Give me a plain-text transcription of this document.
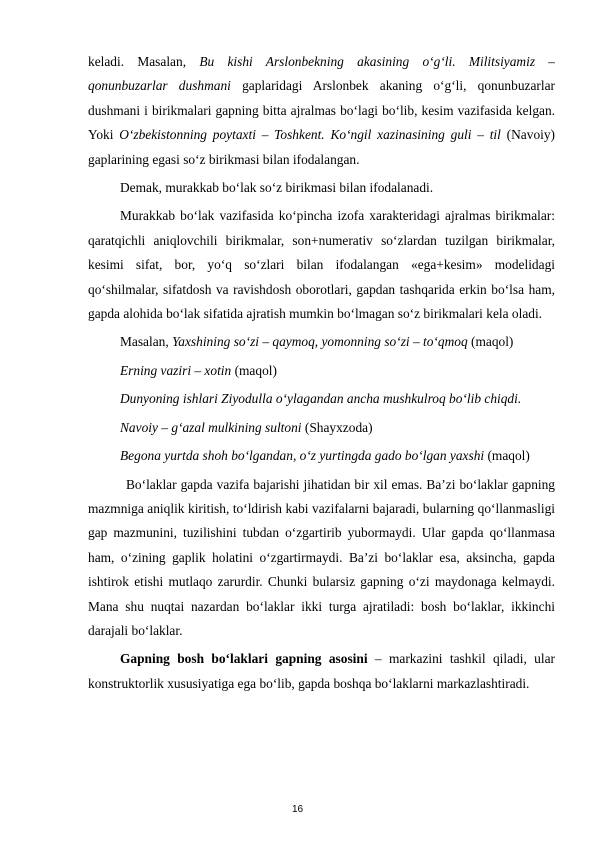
keladi. Masalan, Bu kishi Arslonbekning akasining o‘g‘li. Militsiyamiz – qonunbuzarlar dushmani gaplaridagi Arslonbek akaning o‘g‘li, qonunbuzarlar dushmani i birikmalari gapning bitta ajralmas bo‘lagi bo‘lib, kesim vazifasida kelgan. Yoki O‘zbekistonning poytaxti – Toshkent. Ko‘ngil xazinasining guli – til (Navoiy) gaplarining egasi so‘z birikmasi bilan ifodalangan.

Demak, murakkab bo‘lak so‘z birikmasi bilan ifodalanadi.

Murakkab bo‘lak vazifasida ko‘pincha izofa xarakteridagi ajralmas birikmalar: qaratqichli aniqlovchili birikmalar, son+numerativ so‘zlardan tuzilgan birikmalar, kesimi sifat, bor, yo‘q so‘zlari bilan ifodalangan «ega+kesim» modelidagi qo‘shilmalar, sifatdosh va ravishdosh oborotlari, gapdan tashqarida erkin bo‘lsa ham, gapda alohida bo‘lak sifatida ajratish mumkin bo‘lmagan so‘z birikmalari kela oladi.

Masalan, Yaxshining so‘zi – qaymoq, yomonning so‘zi – to‘qmoq (maqol)

Erning vaziri – xotin (maqol)

Dunyoning ishlari Ziyodulla o‘ylagandan ancha mushkulroq bo‘lib chiqdi.

Navoiy – g‘azal mulkining sultoni (Shayxzoda)

Begona yurtda shoh bo‘lgandan, o‘z yurtingda gado bo‘lgan yaxshi (maqol)

Bo‘laklar gapda vazifa bajarishi jihatidan bir xil emas. Ba’zi bo‘laklar gapning mazmniga aniqlik kiritish, to‘ldirish kabi vazifalarni bajaradi, bularning qo‘llanmasligi gap mazmunini, tuzilishini tubdan o‘zgartirib yubormaydi. Ular gapda qo‘llanmasa ham, o‘zining gaplik holatini o‘zgartirmaydi. Ba’zi bo‘laklar esa, aksincha, gapda ishtirok etishi mutlaqo zarurdir. Chunki bularsiz gapning o‘zi maydonaga kelmaydi. Mana shu nuqtai nazardan bo‘laklar ikki turga ajratiladi: bosh bo‘laklar, ikkinchi darajali bo‘laklar.

Gapning bosh bo‘laklari gapning asosini – markazini tashkil qiladi, ular konstruktorlik xususiyatiga ega bo‘lib, gapda boshqa bo‘laklarni markazlashtiradi.

16
